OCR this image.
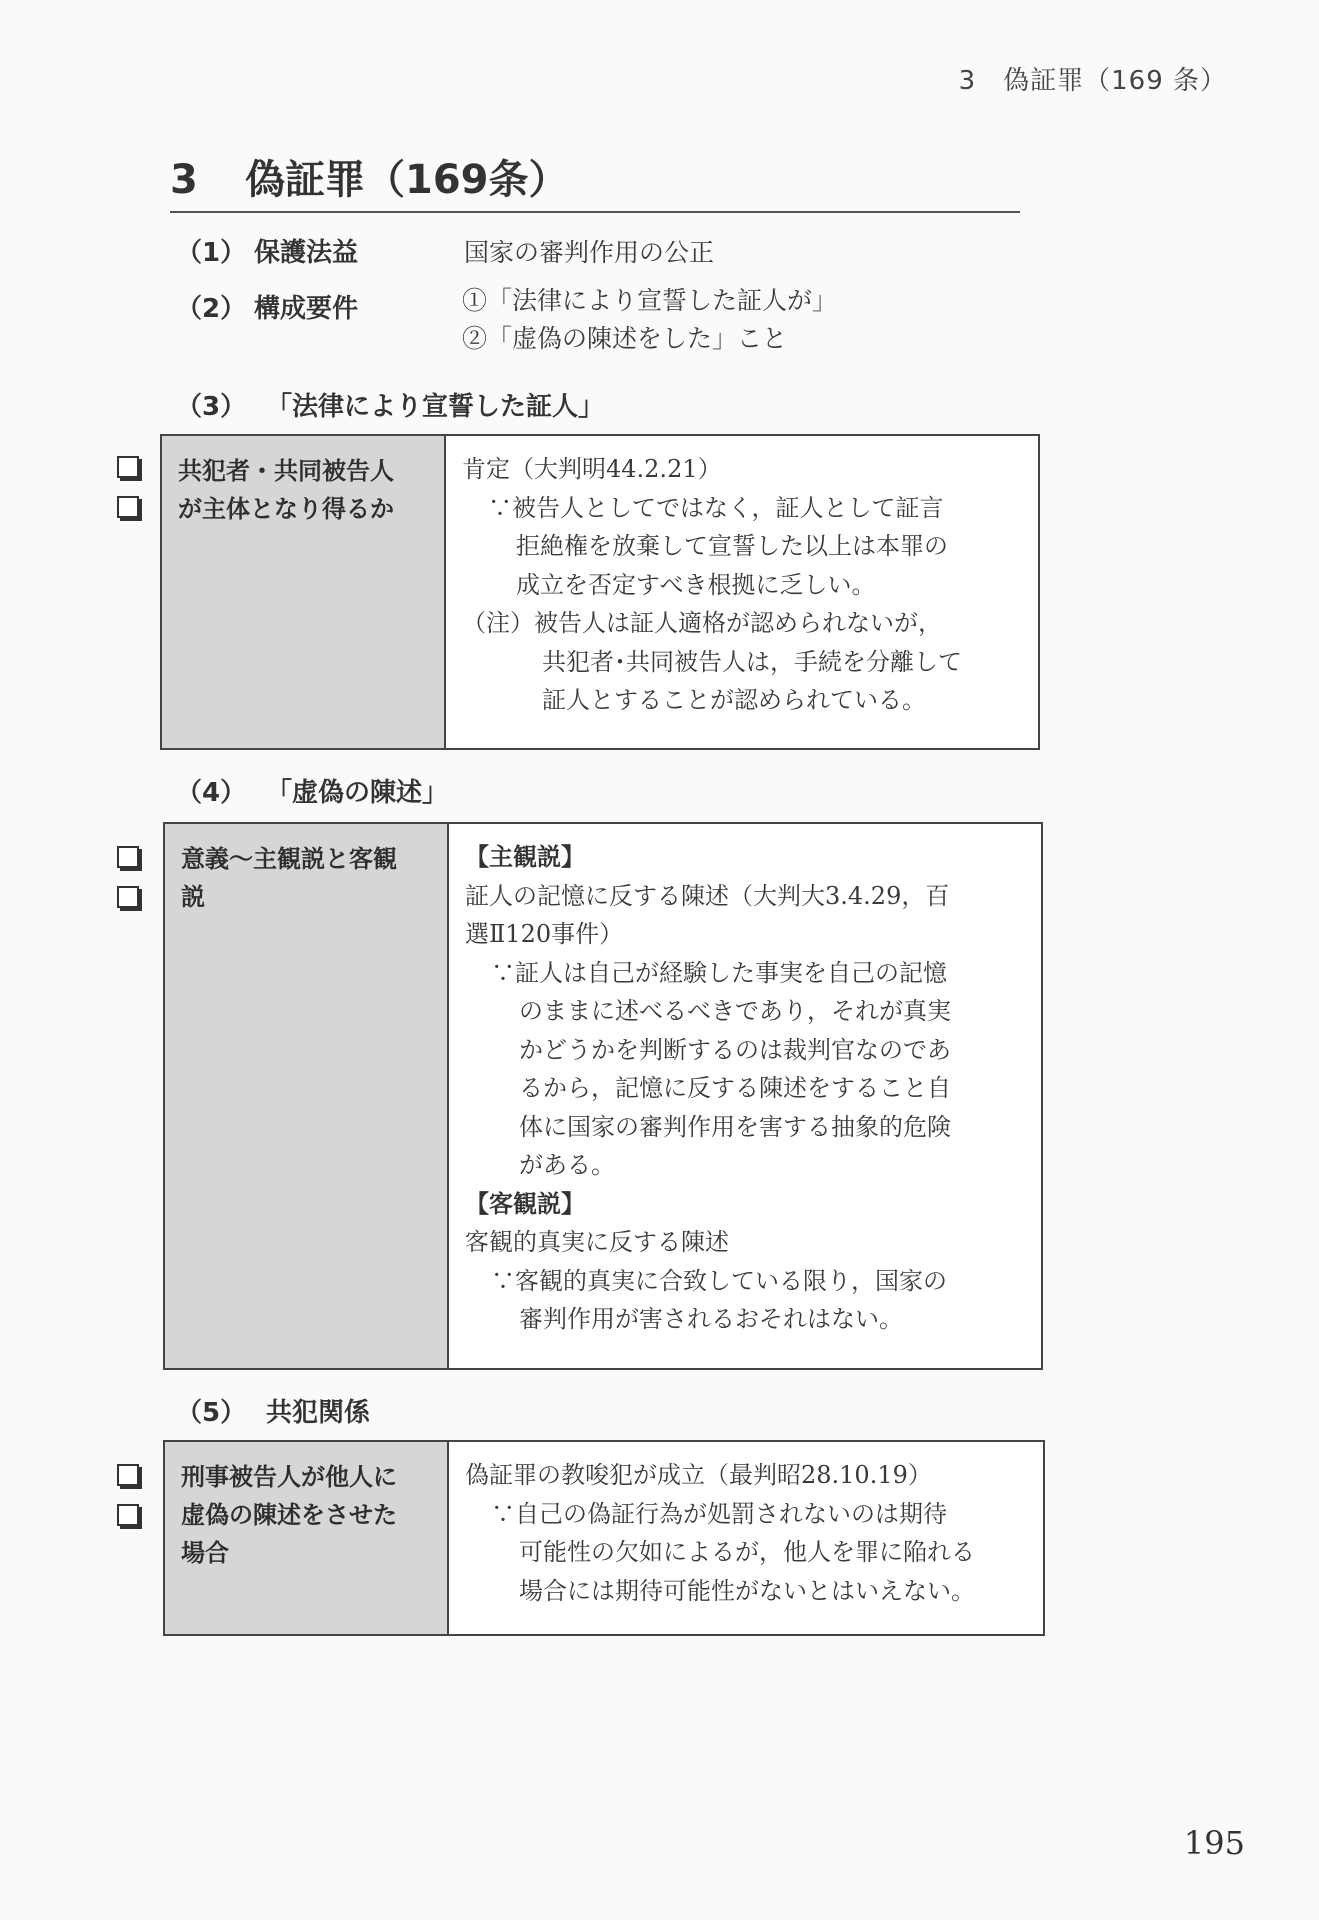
3　偽証罪（169 条）
3 偽証罪（169条）
（1） 保護法益	国家の審判作用の公正
（2） 構成要件	①「法律により宣誓した証人が」
②「虚偽の陳述をした」こと
（3） 「法律により宣誓した証人」
共犯者・共同被告人
が主体となり得るか
肯定（大判明44.2.21）
∵被告人としてではなく，証人として証言
拒絶権を放棄して宣誓した以上は本罪の
成立を否定すべき根拠に乏しい。
（注）被告人は証人適格が認められないが，
共犯者･共同被告人は，手続を分離して
証人とすることが認められている。
（4） 「虚偽の陳述」
意義～主観説と客観
説
【主観説】
証人の記憶に反する陳述（大判大3.4.29，百
選Ⅱ120事件）
∵証人は自己が経験した事実を自己の記憶
のままに述べるべきであり，それが真実
かどうかを判断するのは裁判官なのであ
るから，記憶に反する陳述をすること自
体に国家の審判作用を害する抽象的危険
がある。
【客観説】
客観的真実に反する陳述
∵客観的真実に合致している限り，国家の
審判作用が害されるおそれはない。
（5） 共犯関係
刑事被告人が他人に
虚偽の陳述をさせた
場合
偽証罪の教唆犯が成立（最判昭28.10.19）
∵自己の偽証行為が処罰されないのは期待
可能性の欠如によるが，他人を罪に陥れる
場合には期待可能性がないとはいえない。
195
